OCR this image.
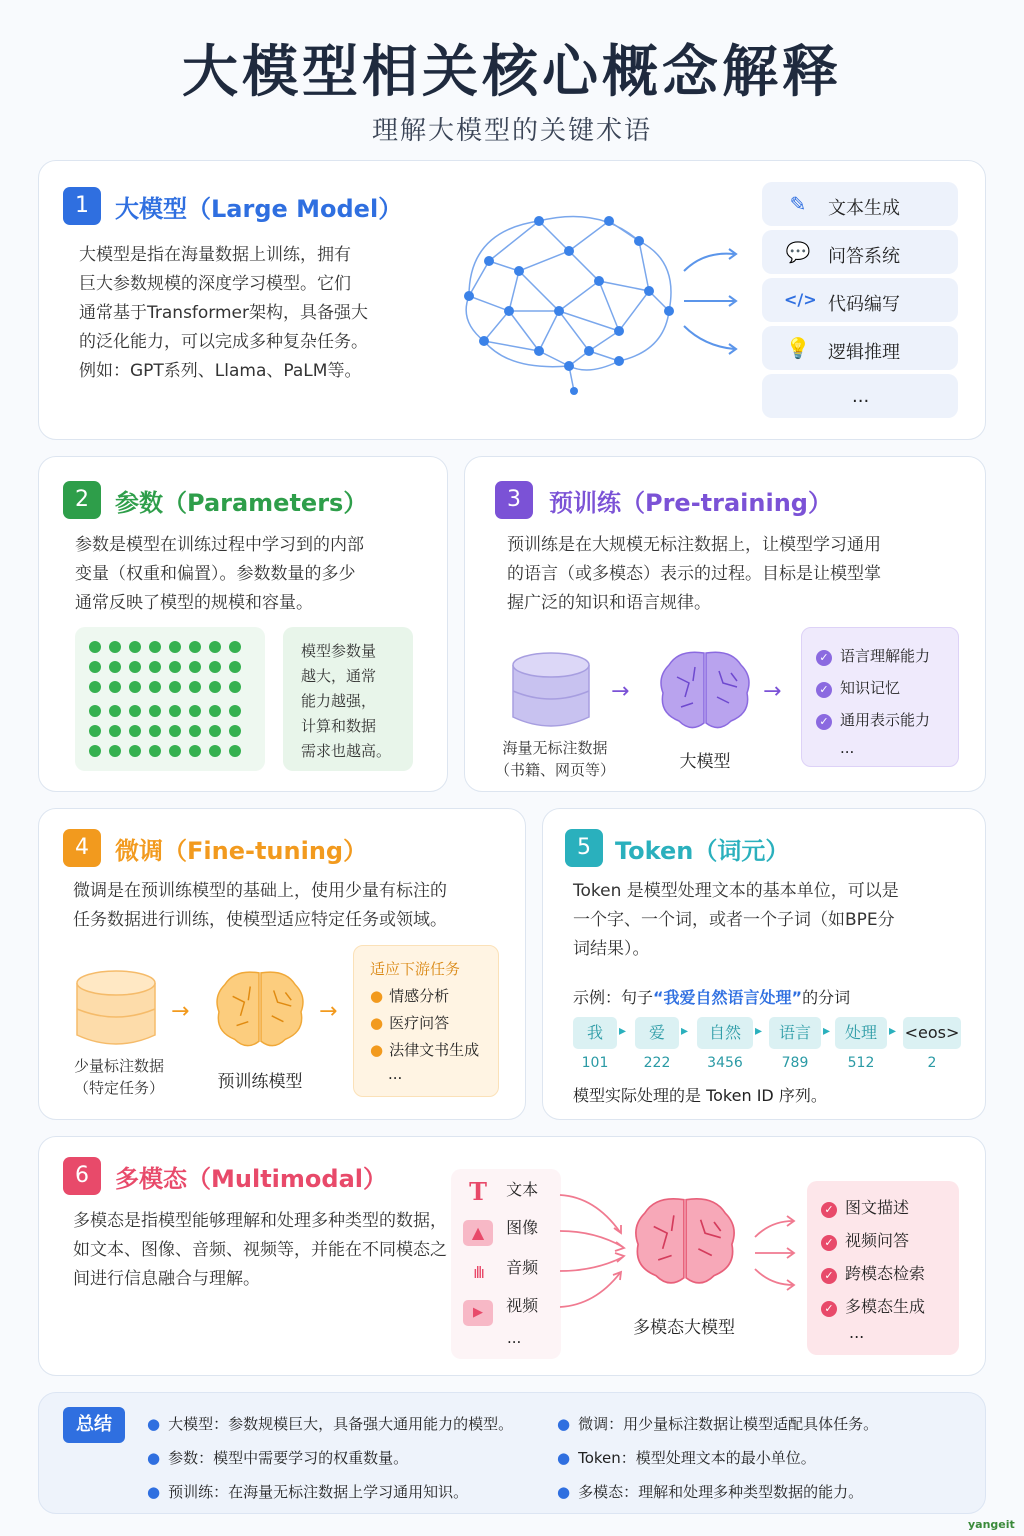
大模型相关核心概念解释
理解大模型的关键术语
1	大模型（Large Model）
大模型是指在海量数据上训练，拥有
巨大参数规模的深度学习模型。它们
通常基于Transformer架构，具备强大
的泛化能力，可以完成多种复杂任务。
例如：GPT系列、Llama、PaLM等。
✎	文本生成
💬 问答系统
</> 代码编写
💡 逻辑推理
...
2	参数（Parameters）
参数是模型在训练过程中学习到的内部
变量（权重和偏置）。参数数量的多少
通常反映了模型的规模和容量。
模型参数量
越大，通常
能力越强，
计算和数据
需求也越高。
3	预训练（Pre-training）
预训练是在大规模无标注数据上，让模型学习通用
的语言（或多模态）表示的过程。目标是让模型掌
握广泛的知识和语言规律。
海量无标注数据
（书籍、网页等）
→
大模型
→
✓ 语言理解能力
✓ 知识记忆
✓ 通用表示能力
...
4	微调（Fine-tuning）
微调是在预训练模型的基础上，使用少量有标注的
任务数据进行训练，使模型适应特定任务或领域。
少量标注数据
（特定任务）
→
预训练模型
→
适应下游任务
● 情感分析
● 医疗问答
● 法律文书生成
...
5	Token（词元）
Token 是模型处理文本的基本单位，可以是
一个字、一个词，或者一个子词（如BPE分
词结果）。
示例：句子“我爱自然语言处理”的分词
我	▸	爱	▸	自然	▸	语言 ▸ 处理 ▸ <eos>
101	222	3456	789	512	2
模型实际处理的是 Token ID 序列。
6	多模态（Multimodal）
多模态是指模型能够理解和处理多种类型的数据，
如文本、图像、音频、视频等，并能在不同模态之
间进行信息融合与理解。
T 文本
▲ 图像
ıllı 音频
▶ 视频
...	多模态大模型
✓ 图文描述
✓ 视频问答
✓ 跨模态检索
✓ 多模态生成
...
总结	● 大模型：参数规模巨大，具备强大通用能力的模型。
● 参数：模型中需要学习的权重数量。
● 预训练：在海量无标注数据上学习通用知识。
● 微调：用少量标注数据让模型适配具体任务。
● Token：模型处理文本的最小单位。
● 多模态：理解和处理多种类型数据的能力。
yangeit
